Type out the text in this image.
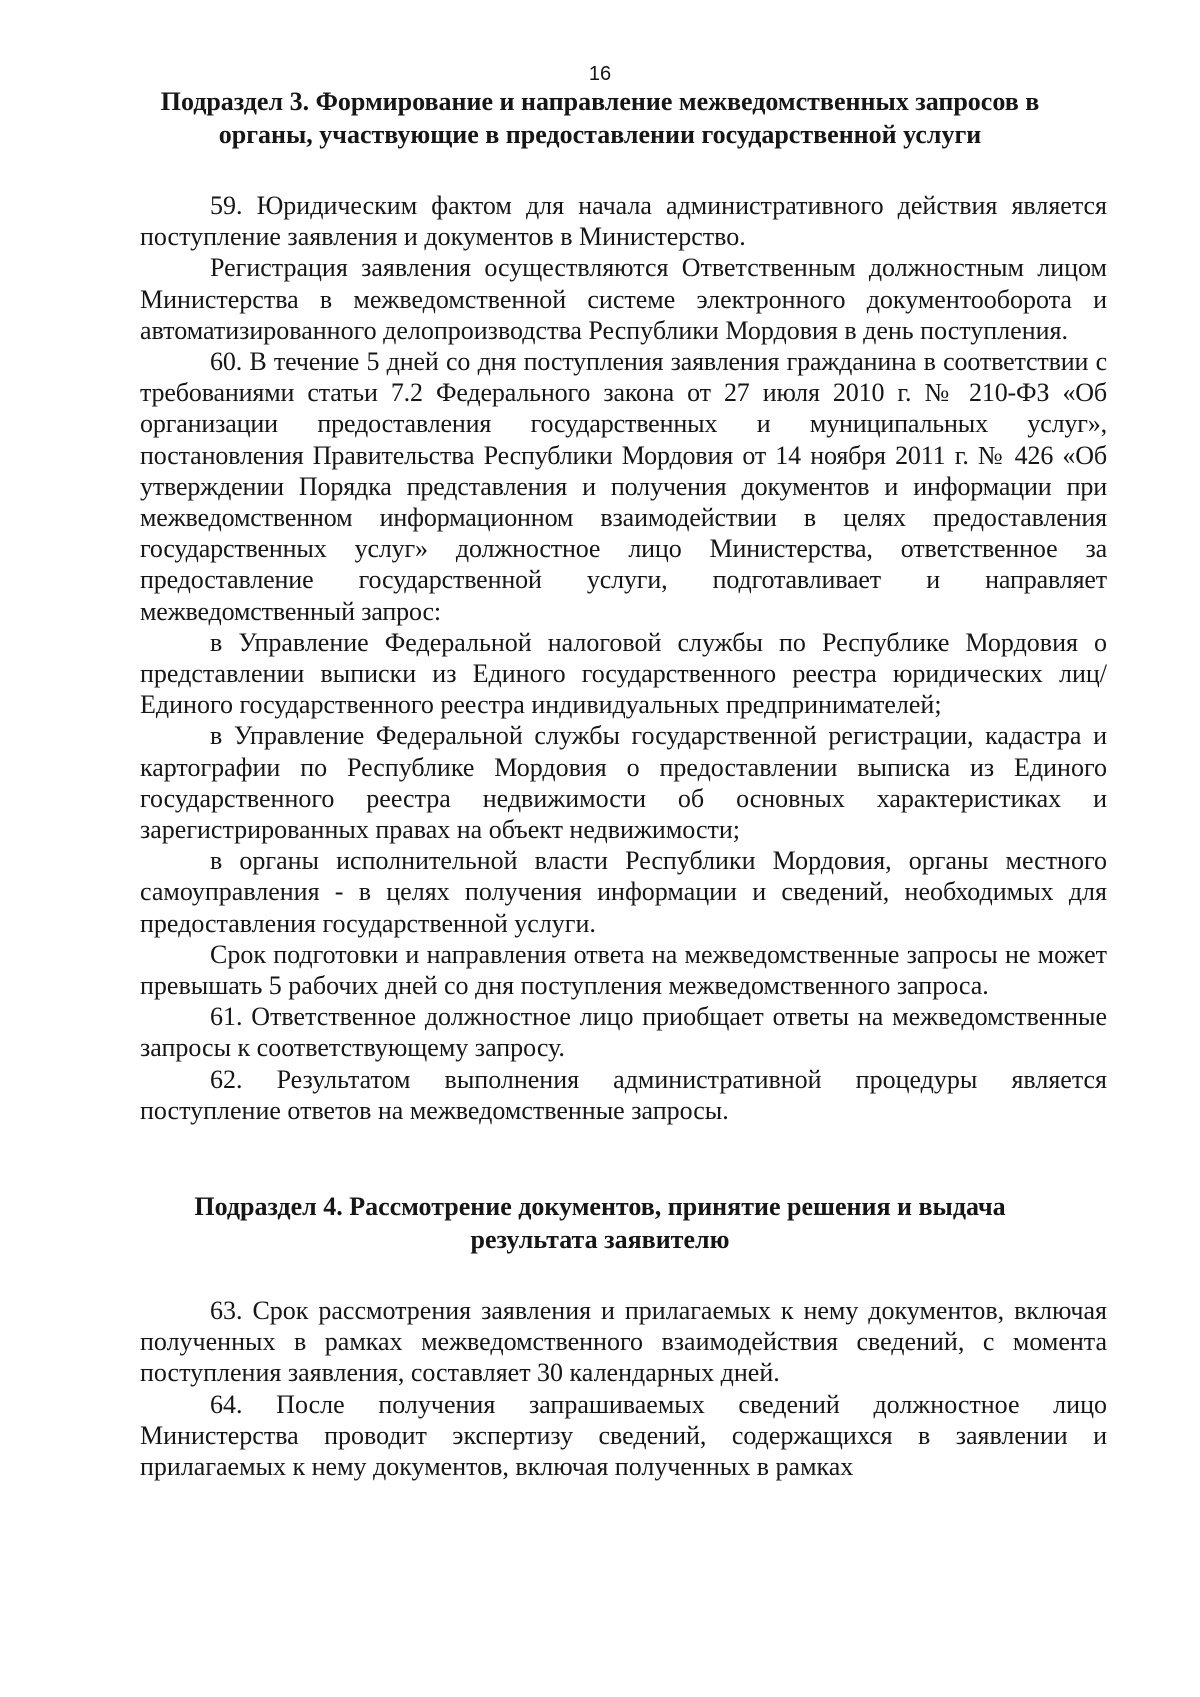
16
Подраздел 3. Формирование и направление межведомственных запросов в
органы, участвующие в предоставлении государственной услуги

59. Юридическим фактом для начала административного действия является поступление заявления и документов в Министерство.

Регистрация заявления осуществляются Ответственным должностным лицом Министерства в межведомственной системе электронного документооборота и автоматизированного делопроизводства Республики Мордовия в день поступления.

60. В течение 5 дней со дня поступления заявления гражданина в соответствии с требованиями статьи 7.2 Федерального закона от 27 июля 2010 г. № 210-ФЗ «Об организации предоставления государственных и муниципальных услуг», постановления Правительства Республики Мордовия от 14 ноября 2011 г. № 426 «Об утверждении Порядка представления и получения документов и информации при межведомственном информационном взаимодействии в целях предоставления государственных услуг» должностное лицо Министерства, ответственное за предоставление государственной услуги, подготавливает и направляет межведомственный запрос:

в Управление Федеральной налоговой службы по Республике Мордовия о представлении выписки из Единого государственного реестра юридических лиц/Единого государственного реестра индивидуальных предпринимателей;

в Управление Федеральной службы государственной регистрации, кадастра и картографии по Республике Мордовия о предоставлении выписка из Единого государственного реестра недвижимости об основных характеристиках и зарегистрированных правах на объект недвижимости;

в органы исполнительной власти Республики Мордовия, органы местного самоуправления - в целях получения информации и сведений, необходимых для предоставления государственной услуги.

Срок подготовки и направления ответа на межведомственные запросы не может превышать 5 рабочих дней со дня поступления межведомственного запроса.

61. Ответственное должностное лицо приобщает ответы на межведомственные запросы к соответствующему запросу.

62. Результатом выполнения административной процедуры является поступление ответов на межведомственные запросы.

Подраздел 4. Рассмотрение документов, принятие решения и выдача
результата заявителю

63. Срок рассмотрения заявления и прилагаемых к нему документов, включая полученных в рамках межведомственного взаимодействия сведений, с момента поступления заявления, составляет 30 календарных дней.

64. После получения запрашиваемых сведений должностное лицо Министерства проводит экспертизу сведений, содержащихся в заявлении и прилагаемых к нему документов, включая полученных в рамках
